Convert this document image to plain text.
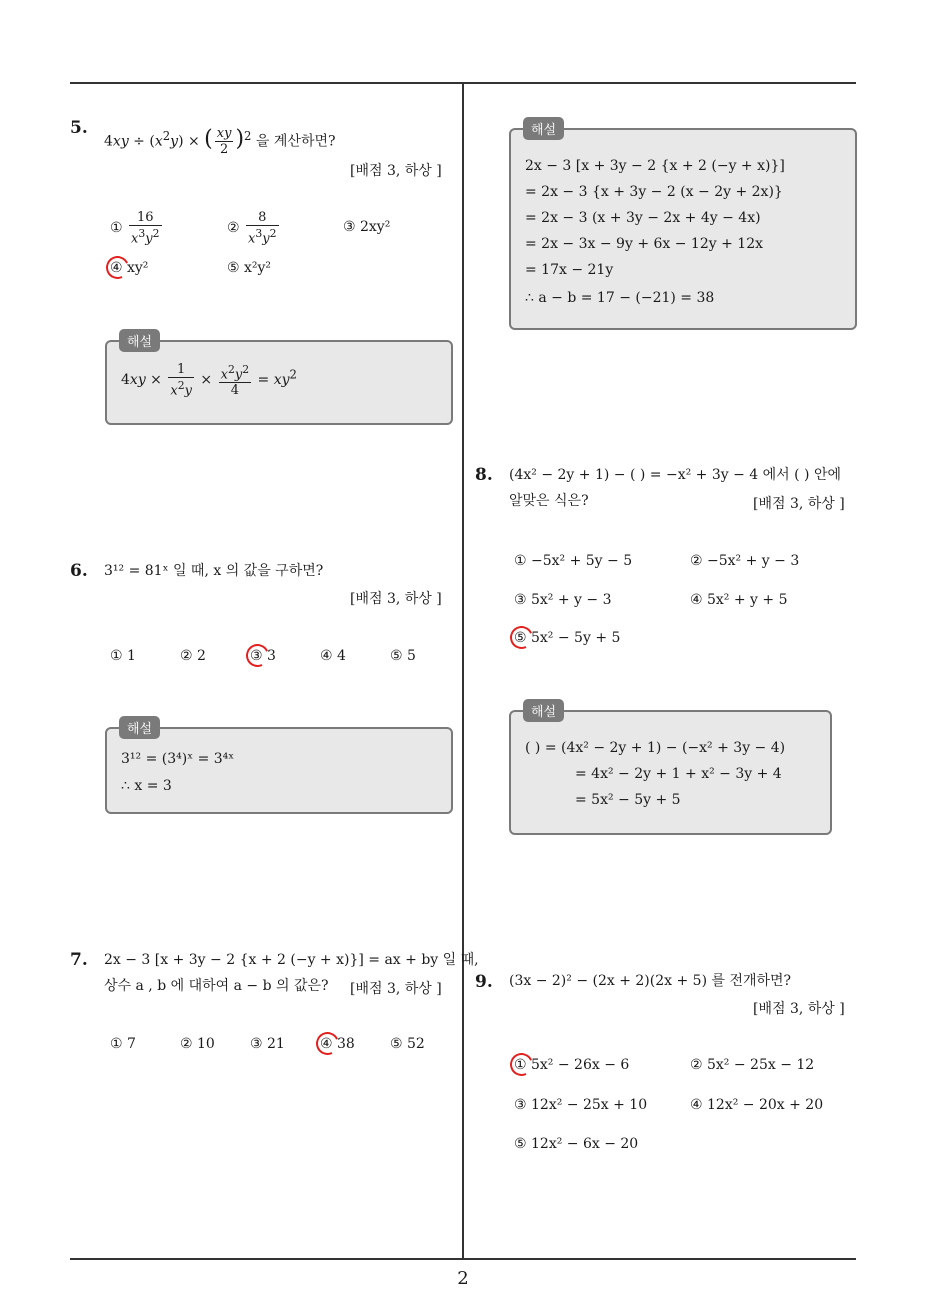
5.
$4xy \div (x^2y)$ × ( $\frac{xy}{2} )^2$ 을 계산하면?
[배점 3, 하상 ]
① $\frac{16}{x^3y^2}$	② $\frac{8}{x^3y^2}$	③ 2xy²
④ xy²	⑤ x²y²
해설
$4xy \times \frac{1}{x^2y} \times \frac{x^2y^2}{4} = xy^2$
6. 3¹² = 81ˣ 일 때, x 의 값을 구하면?
[배점 3, 하상 ]
① 1	② 2	③ 3	④ 4	⑤ 5
해설
3¹² = (3⁴)ˣ = 3⁴ˣ
∴ x = 3
7. 2x − 3 [x + 3y − 2 {x + 2 (−y + x)}] = ax + by 일 때,
상수 a , b 에 대하여 a − b 의 값은? [배점 3, 하상 ]
① 7	② 10	③ 21	④ 38	⑤ 52
해설
2x − 3 [x + 3y − 2 {x + 2 (−y + x)}]
= 2x − 3 {x + 3y − 2 (x − 2y + 2x)}
= 2x − 3 (x + 3y − 2x + 4y − 4x)
= 2x − 3x − 9y + 6x − 12y + 12x
= 17x − 21y
∴ a − b = 17 − (−21) = 38
8. (4x² − 2y + 1) − ( ) = −x² + 3y − 4 에서 ( ) 안에
알맞은 식은?	[배점 3, 하상 ]
① −5x² + 5y − 5	② −5x² + y − 3
③ 5x² + y − 3	④ 5x² + y + 5
⑤ 5x² − 5y + 5
해설
( ) = (4x² − 2y + 1) − (−x² + 3y − 4)
= 4x² − 2y + 1 + x² − 3y + 4
= 5x² − 5y + 5
9. (3x − 2)² − (2x + 2)(2x + 5) 를 전개하면?
[배점 3, 하상 ]
① 5x² − 26x − 6	② 5x² − 25x − 12
③ 12x² − 25x + 10	④ 12x² − 20x + 20
⑤ 12x² − 6x − 20
2
